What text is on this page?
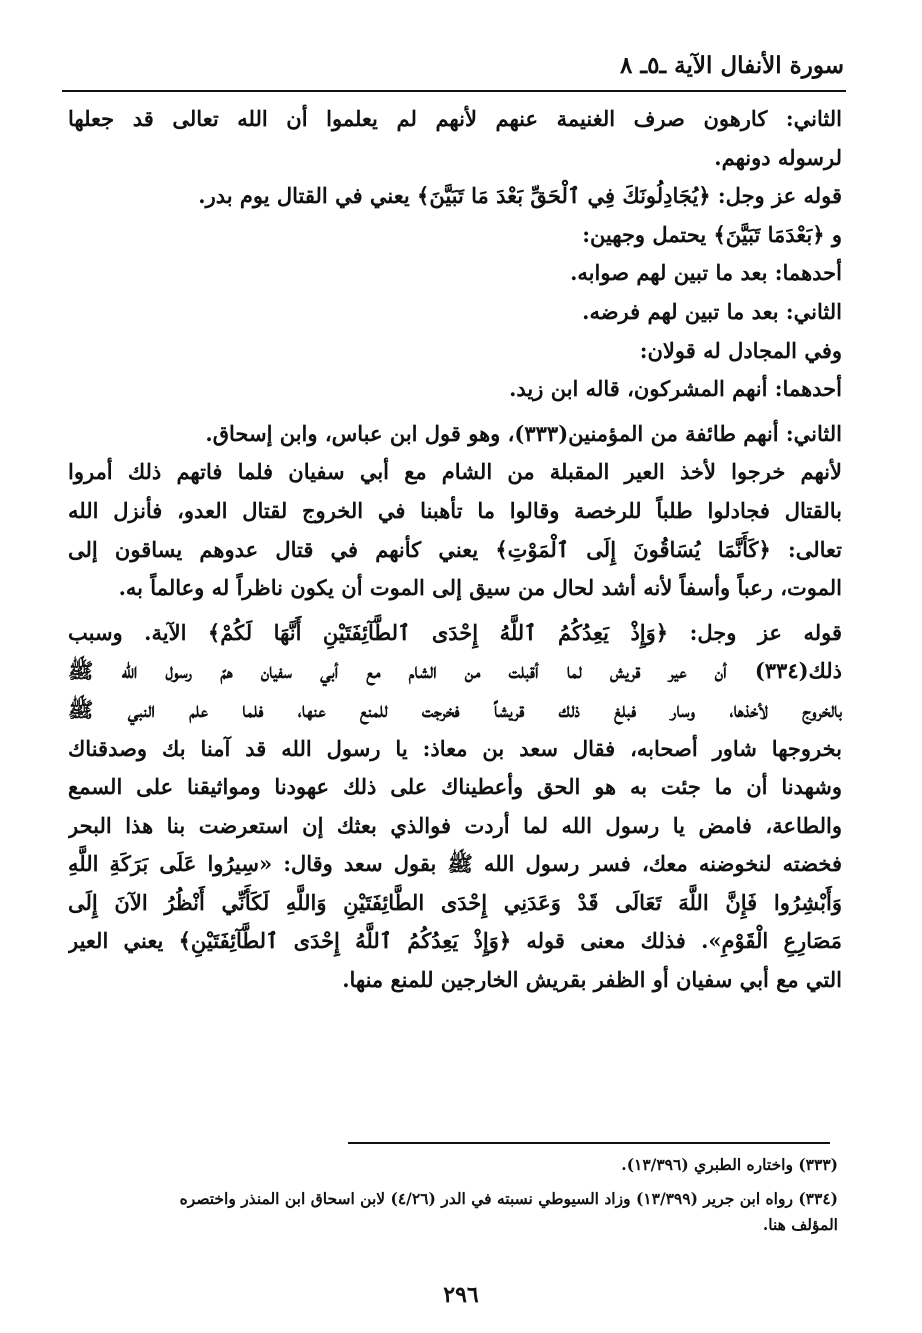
سورة الأنفال الآية ـ٥ـ ٨
الثاني: كارهون صرف الغنيمة عنهم لأنهم لم يعلموا أن الله تعالى قد جعلها
لرسوله دونهم.
قوله عز وجل: ﴿يُجَادِلُونَكَ فِي ٱلْحَقِّ بَعْدَ مَا تَبَيَّنَ﴾ يعني في القتال يوم بدر.
و ﴿بَعْدَمَا تَبَيَّنَ﴾ يحتمل وجهين:
أحدهما: بعد ما تبين لهم صوابه.
الثاني: بعد ما تبين لهم فرضه.
وفي المجادل له قولان:
أحدهما: أنهم المشركون، قاله ابن زيد.
الثاني: أنهم طائفة من المؤمنين(٣٣٣)، وهو قول ابن عباس، وابن إسحاق.
لأنهم خرجوا لأخذ العير المقبلة من الشام مع أبي سفيان فلما فاتهم ذلك أمروا
بالقتال فجادلوا طلباً للرخصة وقالوا ما تأهبنا في الخروج لقتال العدو، فأنزل الله
تعالى: ﴿كَأَنَّمَا يُسَاقُونَ إِلَى ٱلْمَوْتِ﴾ يعني كأنهم في قتال عدوهم يساقون إلى
الموت، رعباً وأسفاً لأنه أشد لحال من سيق إلى الموت أن يكون ناظراً له وعالماً به.
قوله عز وجل: ﴿وَإِذْ يَعِدُكُمُ ٱللَّهُ إِحْدَى ٱلطَّآئِفَتَيْنِ أَنَّهَا لَكُمْ﴾ الآية. وسبب
ذلك(٣٣٤) أن عير قريش لما أقبلت من الشام مع أبي سفيان همّ رسول الله ﷺ
بالخروج لأخذها، وسار فبلغ ذلك قريشاً فخرجت للمنع عنها، فلما علم النبي ﷺ
بخروجها شاور أصحابه، فقال سعد بن معاذ: يا رسول الله قد آمنا بك وصدقناك
وشهدنا أن ما جئت به هو الحق وأعطيناك على ذلك عهودنا ومواثيقنا على السمع
والطاعة، فامض يا رسول الله لما أردت فوالذي بعثك إن استعرضت بنا هذا البحر
فخضته لنخوضنه معك، فسر رسول الله ﷺ بقول سعد وقال: «سِيرُوا عَلَى بَرَكَةِ اللَّهِ
وَأَبْشِرُوا فَإِنَّ اللَّهَ تَعَالَى قَدْ وَعَدَنِي إِحْدَى الطَّائِفَتَيْنِ وَاللَّهِ لَكَأَنِّي أَنْظُرُ الآنَ إِلَى
مَصَارِعِ الْقَوْمِ». فذلك معنى قوله ﴿وَإِذْ يَعِدُكُمُ ٱللَّهُ إِحْدَى ٱلطَّآئِفَتَيْنِ﴾ يعني العير
التي مع أبي سفيان أو الظفر بقريش الخارجين للمنع منها.
(٣٣٣) واختاره الطبري (١٣/٣٩٦).
(٣٣٤) رواه ابن جرير (١٣/٣٩٩) وزاد السيوطي نسبته في الدر (٤/٢٦) لابن اسحاق ابن المنذر واختصره
المؤلف هنا.
٢٩٦
